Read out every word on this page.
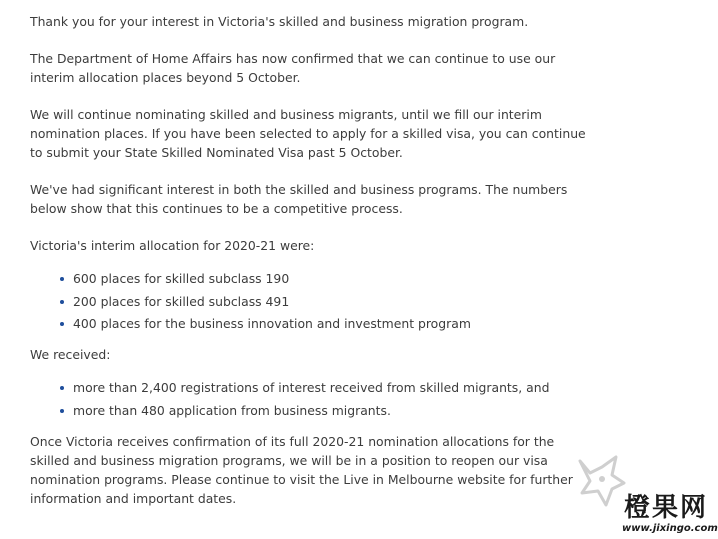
Thank you for your interest in Victoria's skilled and business migration program.

The Department of Home Affairs has now confirmed that we can continue to use our interim allocation places beyond 5 October.

We will continue nominating skilled and business migrants, until we fill our interim nomination places. If you have been selected to apply for a skilled visa, you can continue to submit your State Skilled Nominated Visa past 5 October.

We've had significant interest in both the skilled and business programs. The numbers below show that this continues to be a competitive process.

Victoria's interim allocation for 2020-21 were:

600 places for skilled subclass 190
200 places for skilled subclass 491
400 places for the business innovation and investment program

We received:

more than 2,400 registrations of interest received from skilled migrants, and
more than 480 application from business migrants.

Once Victoria receives confirmation of its full 2020-21 nomination allocations for the skilled and business migration programs, we will be in a position to reopen our visa nomination programs. Please continue to visit the Live in Melbourne website for further information and important dates.	橙果网
www.jixingo.com
